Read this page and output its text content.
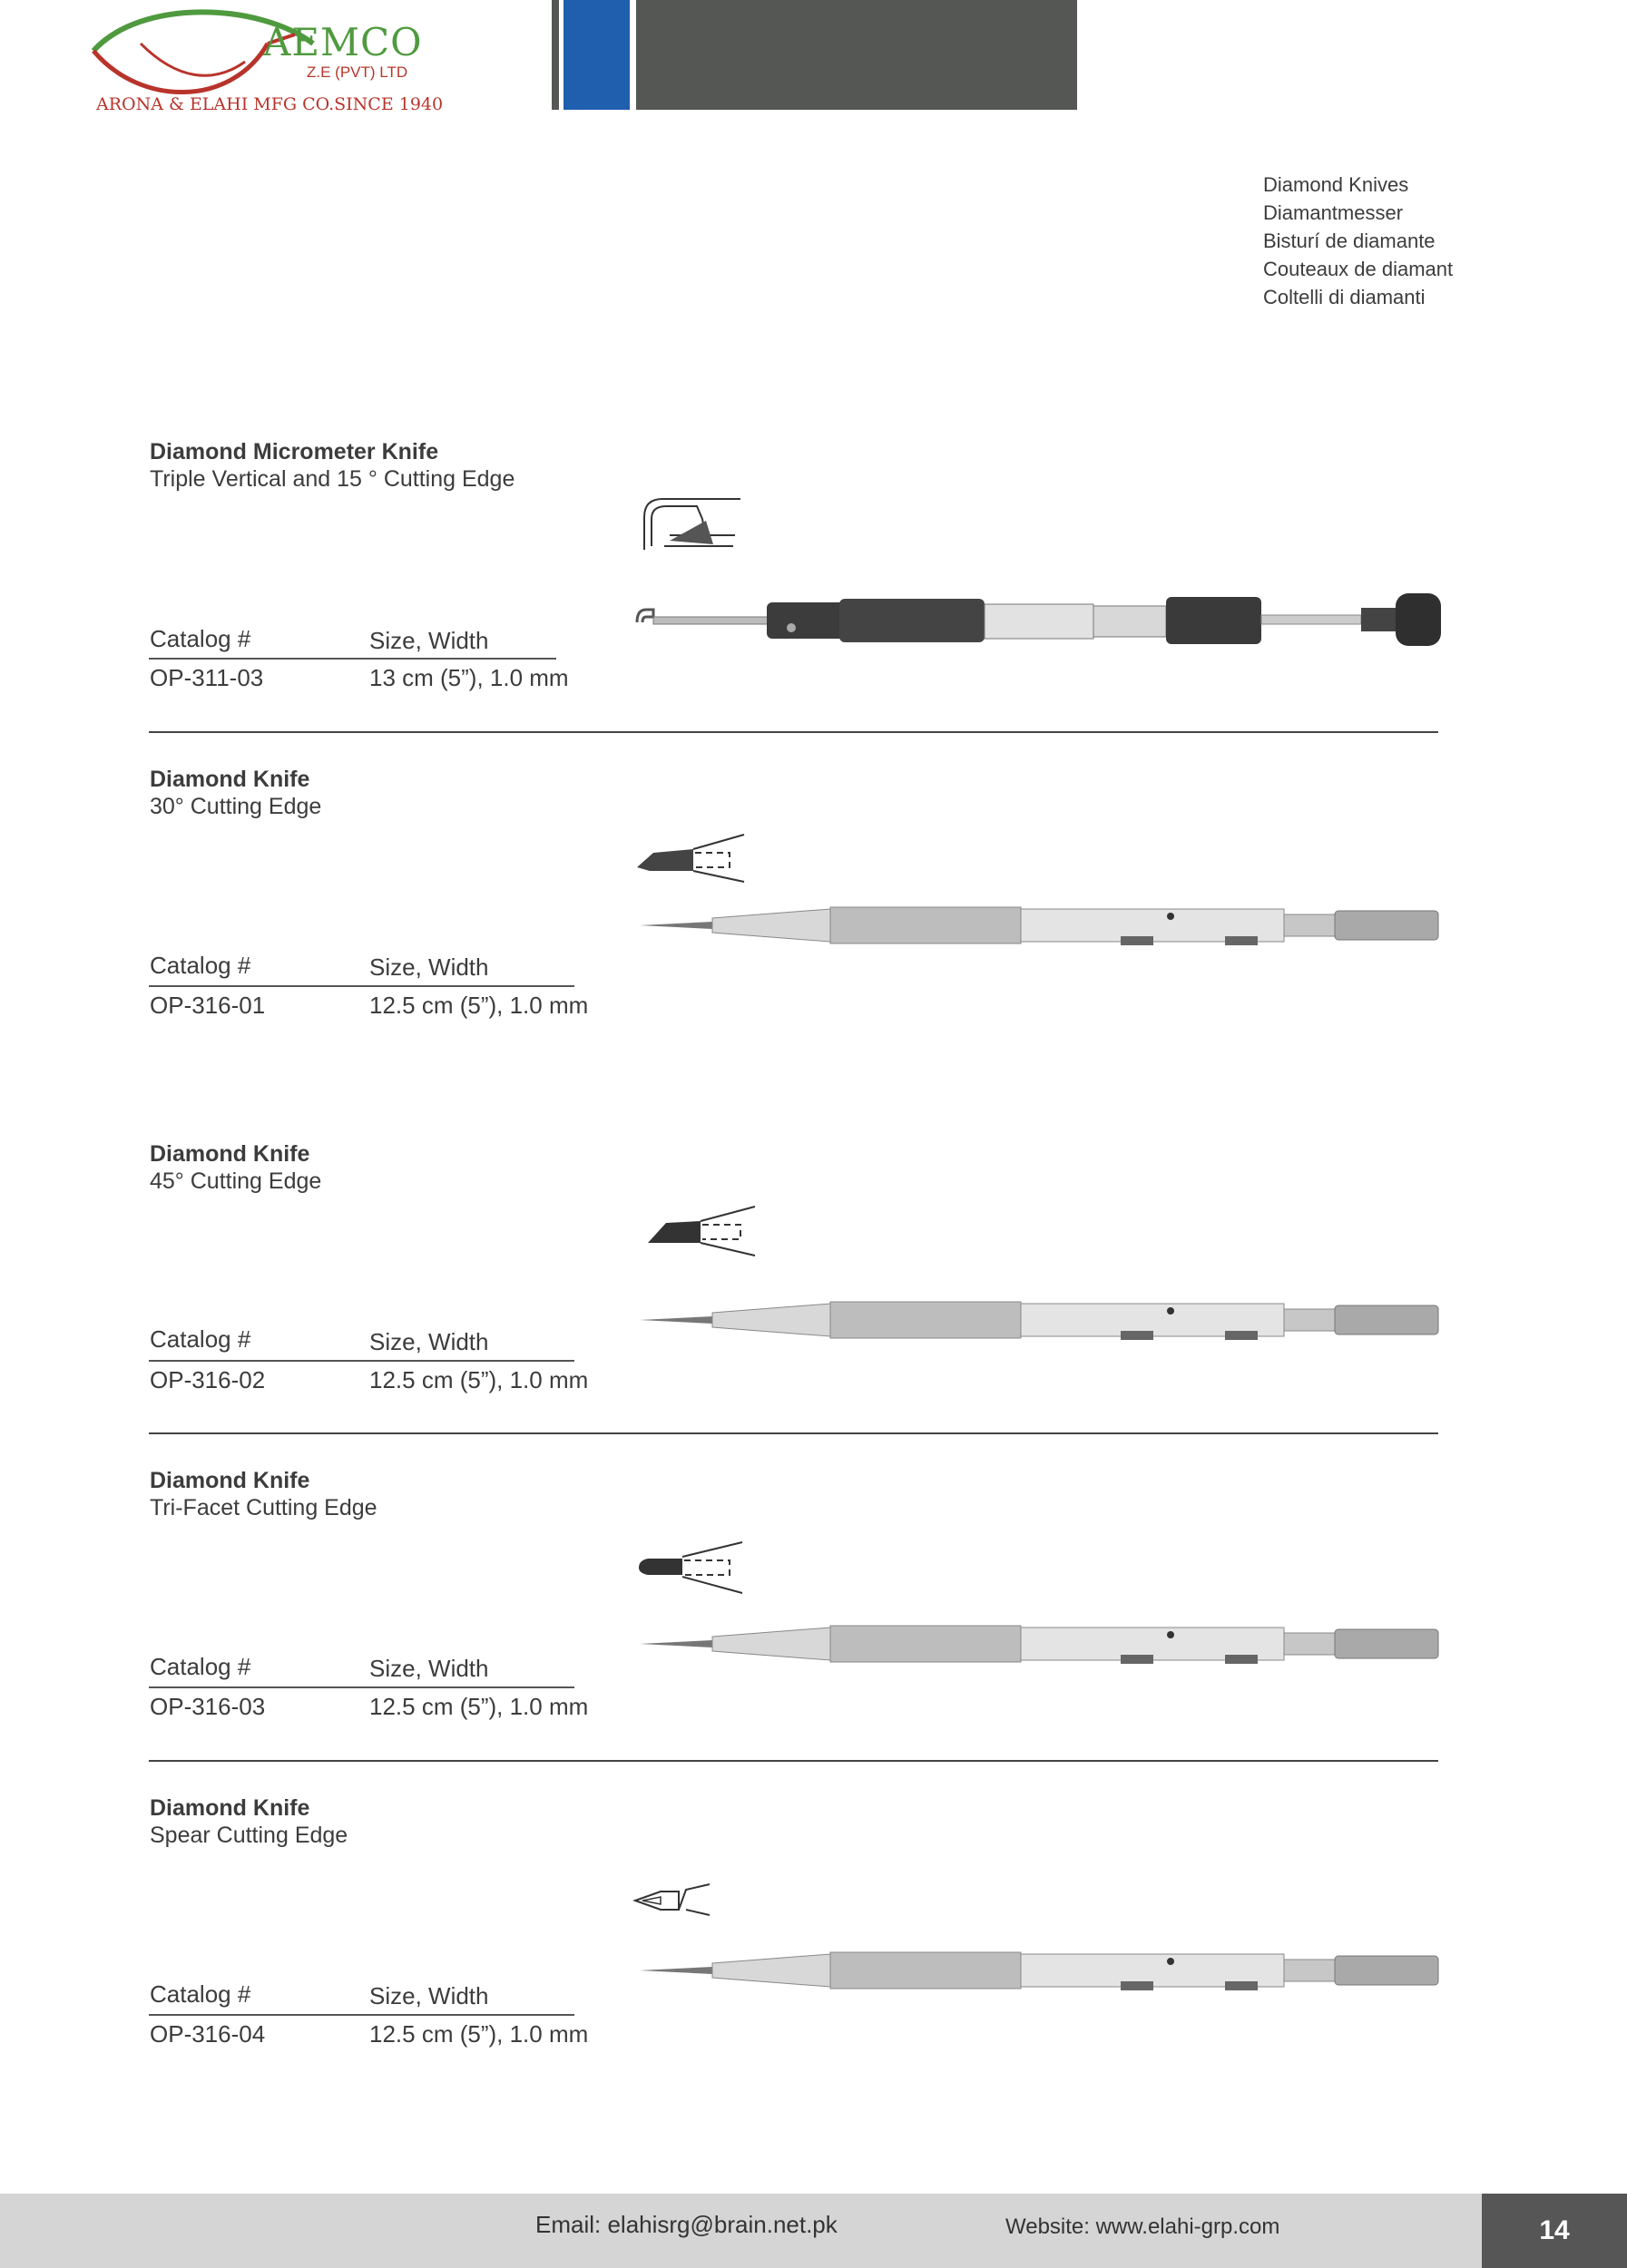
AEMCO
Z.E (PVT) LTD
ARONA & ELAHI MFG CO.SINCE 1940
Diamond Knives
Diamantmesser
Bisturí de diamante
Couteaux de diamant
Coltelli di diamanti
Diamond Micrometer Knife
Triple Vertical and 15 ° Cutting Edge
Catalog #	Size, Width
OP-311-03	13 cm (5”), 1.0 mm
Diamond Knife
30° Cutting Edge
Catalog #	Size, Width
OP-316-01	12.5 cm (5”), 1.0 mm
Diamond Knife
45° Cutting Edge
Catalog #	Size, Width
OP-316-02	12.5 cm (5”), 1.0 mm
Diamond Knife
Tri-Facet Cutting Edge
Catalog #	Size, Width
OP-316-03	12.5 cm (5”), 1.0 mm
Diamond Knife
Spear Cutting Edge
Catalog #	Size, Width
OP-316-04	12.5 cm (5”), 1.0 mm
Email: elahisrg@brain.net.pk	Website: www.elahi-grp.com	14
